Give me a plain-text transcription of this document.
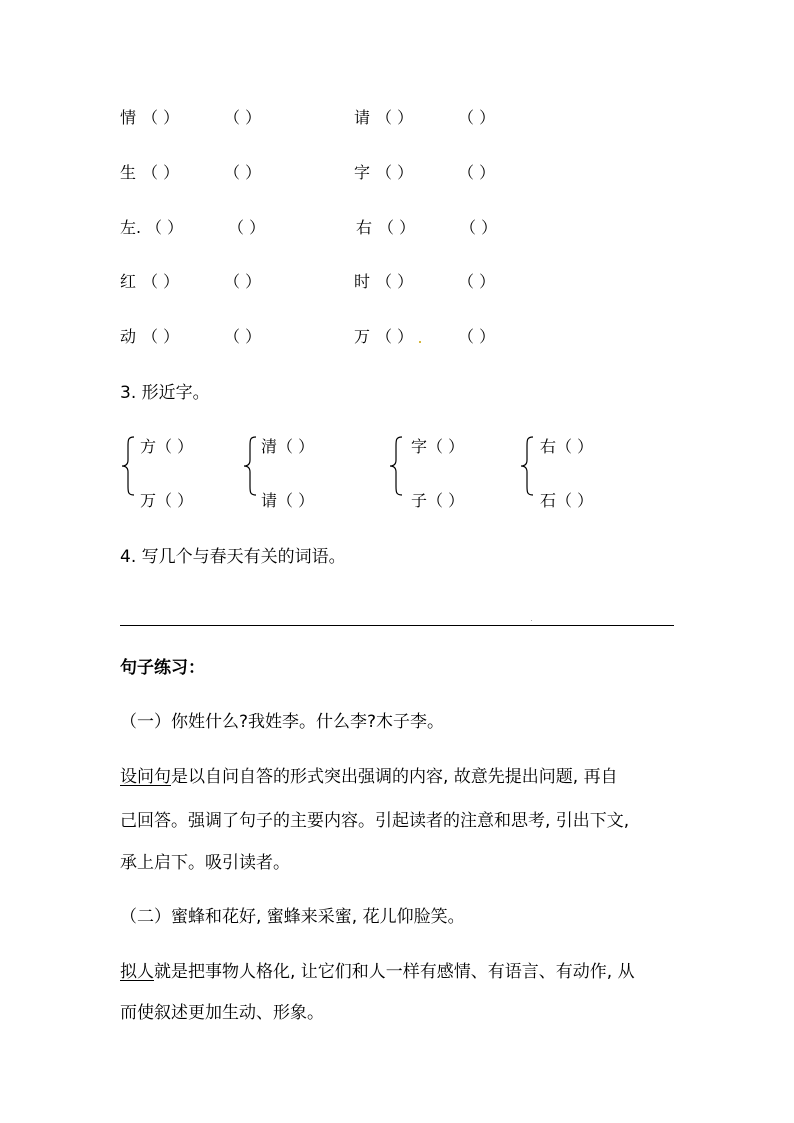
情 （ ）	（ ）	请 （ ）	（ ）
生 （ ）	（ ）	字 （ ）	（ ）
左. （ ）	（ ）	右 （ ）	（ ）
红 （ ）	（ ）	时 （ ）	（ ）
动 （ ）	（ ）	万 （ ）	（ ）
3. 形近字。
方（ ）
万（ ）
清（ ）
请（ ）
字（ ）
子（ ）
右（ ）
石（ ）
4. 写几个与春天有关的词语。
句子练习：
（一）你姓什么?我姓李。什么李?木子李。
设问句是以自问自答的形式突出强调的内容, 故意先提出问题, 再自
己回答。强调了句子的主要内容。引起读者的注意和思考, 引出下文,
承上启下。吸引读者。
（二）蜜蜂和花好, 蜜蜂来采蜜, 花儿仰脸笑。
拟人就是把事物人格化, 让它们和人一样有感情、有语言、有动作, 从
而使叙述更加生动、形象。
